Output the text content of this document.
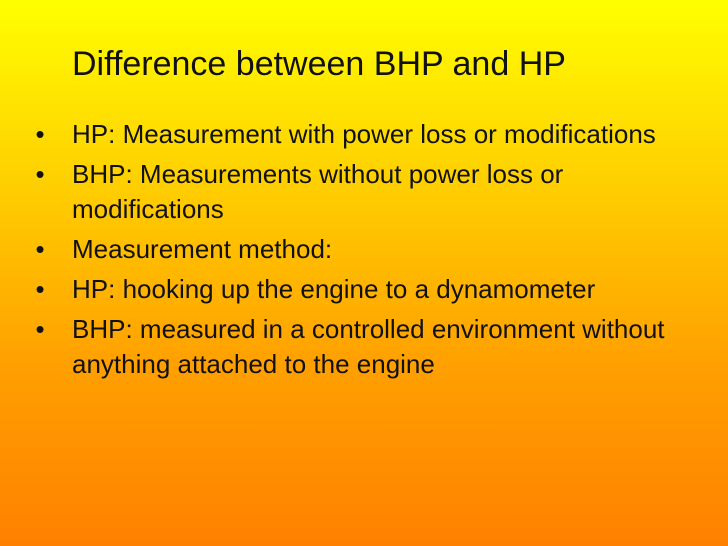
Difference between BHP and HP
• HP: Measurement with power loss or modifications
• BHP: Measurements without power loss or modifications
• Measurement method:
• HP: hooking up the engine to a dynamometer
• BHP: measured in a controlled environment without anything attached to the engine
